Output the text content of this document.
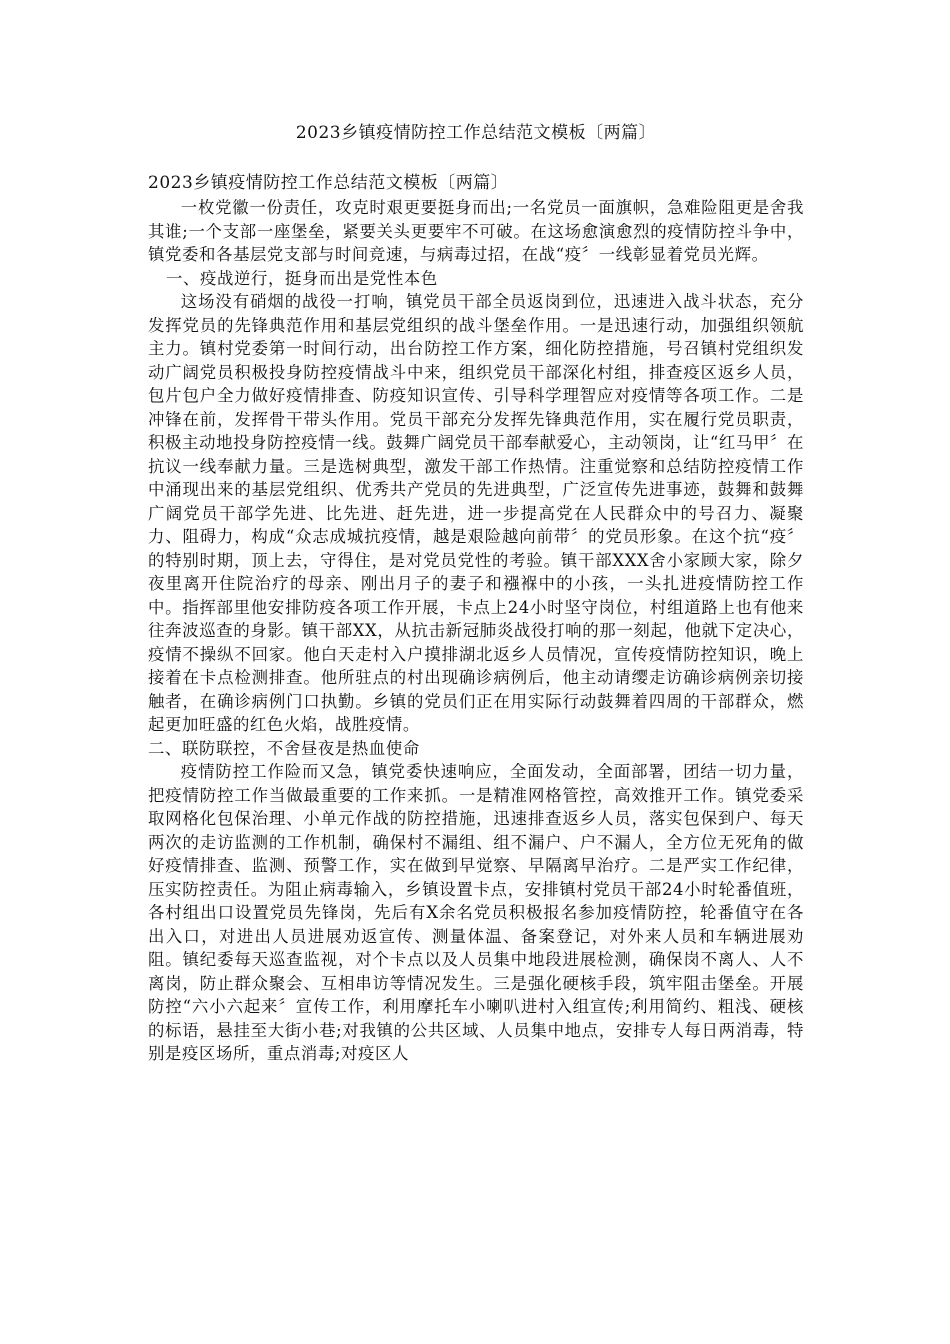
2023乡镇疫情防控工作总结范文模板〔两篇〕

2023乡镇疫情防控工作总结范文模板〔两篇〕

一枚党徽一份责任，攻克时艰更要挺身而出;一名党员一面旗帜，急难险阻更是舍我其谁;一个支部一座堡垒，紧要关头更要牢不可破。在这场愈演愈烈的疫情防控斗争中，镇党委和各基层党支部与时间竞速，与病毒过招，在战“疫〞一线彰显着党员光辉。

一、疫战逆行，挺身而出是党性本色

这场没有硝烟的战役一打响，镇党员干部全员返岗到位，迅速进入战斗状态，充分发挥党员的先锋典范作用和基层党组织的战斗堡垒作用。一是迅速行动，加强组织领航主力。镇村党委第一时间行动，出台防控工作方案，细化防控措施，号召镇村党组织发动广阔党员积极投身防控疫情战斗中来，组织党员干部深化村组，排查疫区返乡人员，包片包户全力做好疫情排查、防疫知识宣传、引导科学理智应对疫情等各项工作。二是冲锋在前，发挥骨干带头作用。党员干部充分发挥先锋典范作用，实在履行党员职责，积极主动地投身防控疫情一线。鼓舞广阔党员干部奉献爱心，主动领岗，让“红马甲〞在抗议一线奉献力量。三是选树典型，激发干部工作热情。注重觉察和总结防控疫情工作中涌现出来的基层党组织、优秀共产党员的先进典型，广泛宣传先进事迹，鼓舞和鼓舞广阔党员干部学先进、比先进、赶先进，进一步提高党在人民群众中的号召力、凝聚力、阻碍力，构成“众志成城抗疫情，越是艰险越向前带〞的党员形象。在这个抗“疫〞的特别时期，顶上去，守得住，是对党员党性的考验。镇干部XXX舍小家顾大家，除夕夜里离开住院治疗的母亲、刚出月子的妻子和襁褓中的小孩，一头扎进疫情防控工作中。指挥部里他安排防疫各项工作开展，卡点上24小时坚守岗位，村组道路上也有他来往奔波巡查的身影。镇干部XX，从抗击新冠肺炎战役打响的那一刻起，他就下定决心，疫情不操纵不回家。他白天走村入户摸排湖北返乡人员情况，宣传疫情防控知识，晚上接着在卡点检测排查。他所驻点的村出现确诊病例后，他主动请缨走访确诊病例亲切接触者，在确诊病例门口执勤。乡镇的党员们正在用实际行动鼓舞着四周的干部群众，燃起更加旺盛的红色火焰，战胜疫情。

二、联防联控，不舍昼夜是热血使命

疫情防控工作险而又急，镇党委快速响应，全面发动，全面部署，团结一切力量，把疫情防控工作当做最重要的工作来抓。一是精准网格管控，高效推开工作。镇党委采取网格化包保治理、小单元作战的防控措施，迅速排查返乡人员，落实包保到户、每天两次的走访监测的工作机制，确保村不漏组、组不漏户、户不漏人，全方位无死角的做好疫情排查、监测、预警工作，实在做到早觉察、早隔离早治疗。二是严实工作纪律，压实防控责任。为阻止病毒输入，乡镇设置卡点，安排镇村党员干部24小时轮番值班，各村组出口设置党员先锋岗，先后有X余名党员积极报名参加疫情防控，轮番值守在各出入口，对进出人员进展劝返宣传、测量体温、备案登记，对外来人员和车辆进展劝阻。镇纪委每天巡查监视，对个卡点以及人员集中地段进展检测，确保岗不离人、人不离岗，防止群众聚会、互相串访等情况发生。三是强化硬核手段，筑牢阻击堡垒。开展防控“六小六起来〞宣传工作，利用摩托车小喇叭进村入组宣传;利用简约、粗浅、硬核的标语，悬挂至大街小巷;对我镇的公共区域、人员集中地点，安排专人每日两消毒，特别是疫区场所，重点消毒;对疫区人
